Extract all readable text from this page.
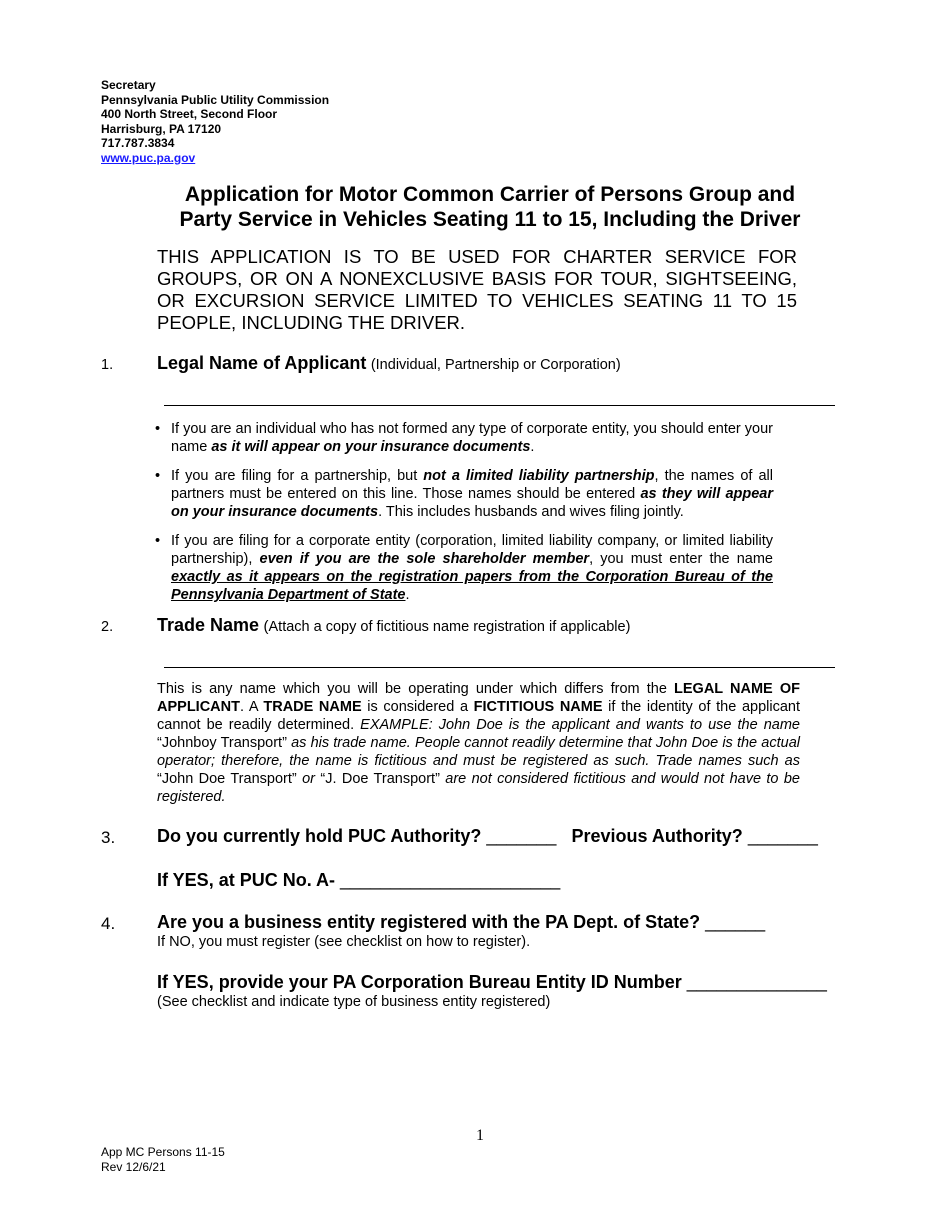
Secretary
Pennsylvania Public Utility Commission
400 North Street, Second Floor
Harrisburg, PA 17120
717.787.3834
www.puc.pa.gov
Application for Motor Common Carrier of Persons Group and
Party Service in Vehicles Seating 11 to 15, Including the Driver
THIS APPLICATION IS TO BE USED FOR CHARTER SERVICE FOR GROUPS, OR ON A NONEXCLUSIVE BASIS FOR TOUR, SIGHTSEEING, OR EXCURSION SERVICE LIMITED TO VEHICLES SEATING 11 TO 15 PEOPLE, INCLUDING THE DRIVER.
1. Legal Name of Applicant (Individual, Partnership or Corporation)
• If you are an individual who has not formed any type of corporate entity, you should enter your name as it will appear on your insurance documents.
• If you are filing for a partnership, but not a limited liability partnership, the names of all partners must be entered on this line. Those names should be entered as they will appear on your insurance documents. This includes husbands and wives filing jointly.
• If you are filing for a corporate entity (corporation, limited liability company, or limited liability partnership), even if you are the sole shareholder member, you must enter the name exactly as it appears on the registration papers from the Corporation Bureau of the Pennsylvania Department of State.
2. Trade Name (Attach a copy of fictitious name registration if applicable)
This is any name which you will be operating under which differs from the LEGAL NAME OF APPLICANT. A TRADE NAME is considered a FICTITIOUS NAME if the identity of the applicant cannot be readily determined. EXAMPLE: John Doe is the applicant and wants to use the name “Johnboy Transport” as his trade name. People cannot readily determine that John Doe is the actual operator; therefore, the name is fictitious and must be registered as such. Trade names such as “John Doe Transport” or “J. Doe Transport” are not considered fictitious and would not have to be registered.
3. Do you currently hold PUC Authority? _______ Previous Authority? _______
If YES, at PUC No. A- ______________________
4. Are you a business entity registered with the PA Dept. of State? ______
If NO, you must register (see checklist on how to register).
If YES, provide your PA Corporation Bureau Entity ID Number ______________
(See checklist and indicate type of business entity registered)
1
App MC Persons 11-15
Rev 12/6/21
